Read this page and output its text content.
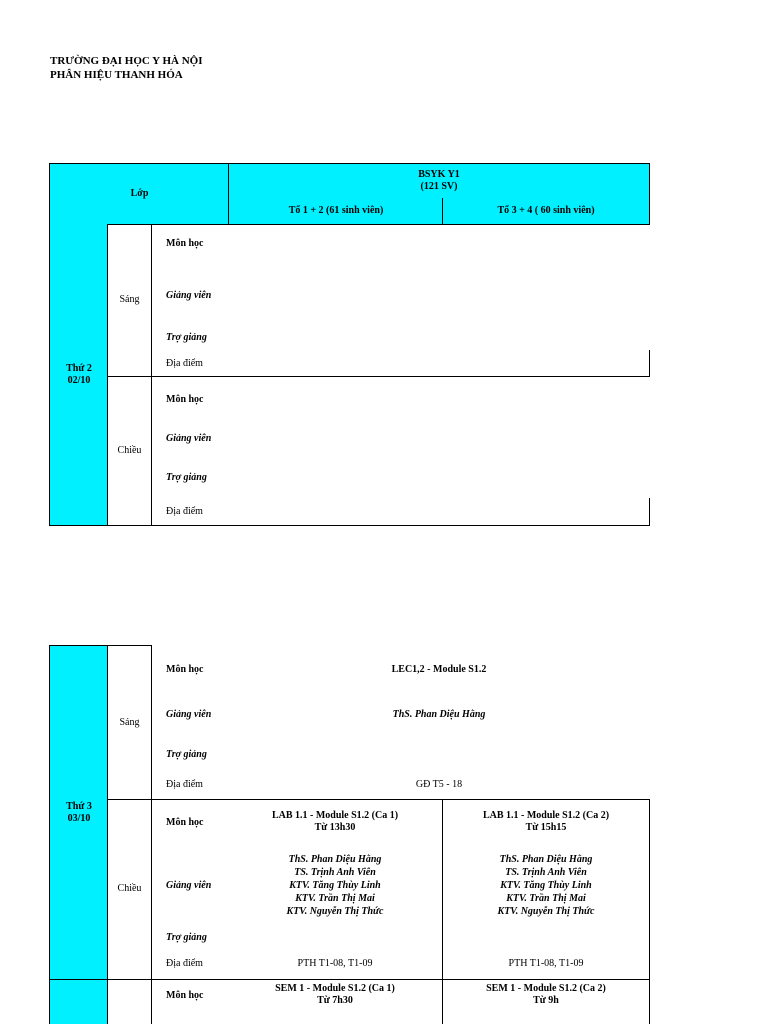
TRƯỜNG ĐẠI HỌC Y HÀ NỘI
PHÂN HIỆU THANH HÓA
Lớp
BSYK Y1
(121 SV)
Tổ 1 + 2 (61 sinh viên)	Tổ 3 + 4 ( 60 sinh viên)
Thứ 2
02/10
Sáng
Chiều
Môn học
Giảng viên
Trợ giảng
Địa điểm
Môn học
Giảng viên
Trợ giảng
Địa điểm
Thứ 3
03/10
Sáng
Chiều
Môn học
Giảng viên
Trợ giảng
Địa điểm
LEC1,2 - Module S1.2
ThS. Phan Diệu Hằng
GĐ T5 - 18
Môn học
Giảng viên
Trợ giảng
Địa điểm
LAB 1.1 - Module S1.2 (Ca 1)
Từ 13h30
LAB 1.1 - Module S1.2 (Ca 2)
Từ 15h15
ThS. Phan Diệu Hằng
TS. Trịnh Anh Viên
KTV. Tăng Thùy Linh
KTV. Trần Thị Mai
KTV. Nguyễn Thị Thức
ThS. Phan Diệu Hằng
TS. Trịnh Anh Viên
KTV. Tăng Thùy Linh
KTV. Trần Thị Mai
KTV. Nguyễn Thị Thức
PTH T1-08, T1-09	PTH T1-08, T1-09
Môn học
SEM 1 - Module S1.2 (Ca 1)
Từ 7h30
SEM 1 - Module S1.2 (Ca 2)
Từ 9h
